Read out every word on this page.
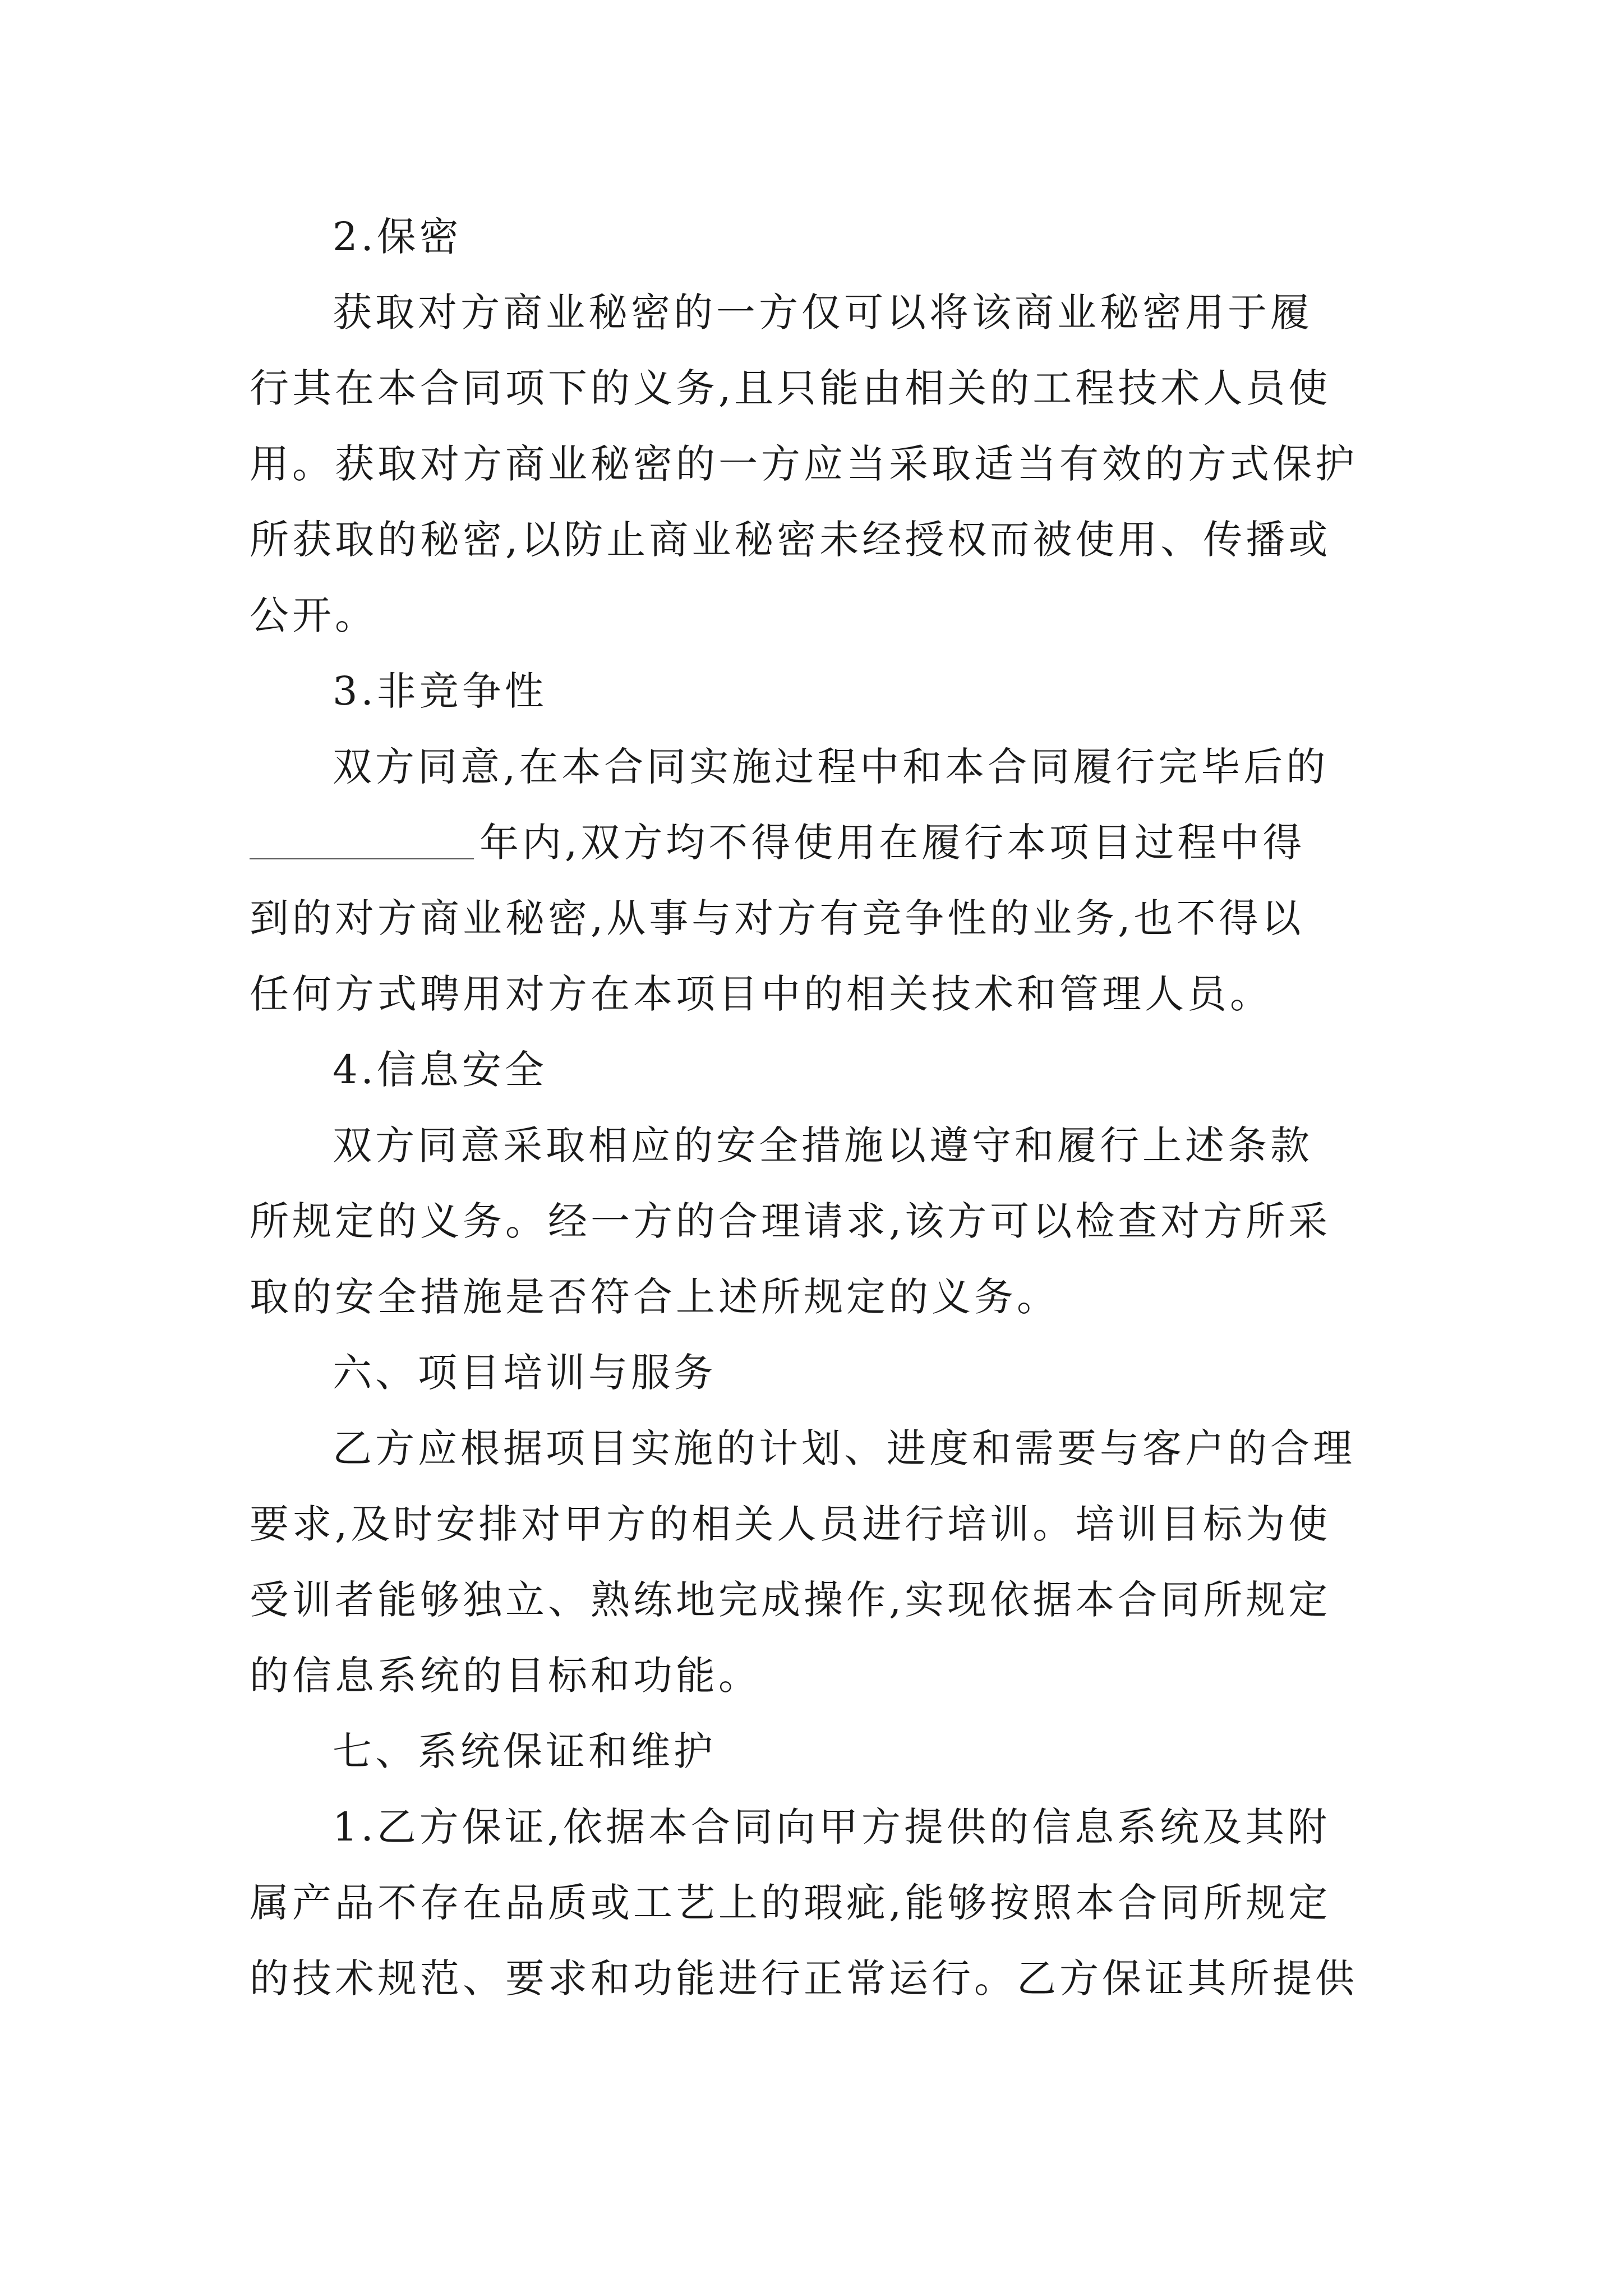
2.保密
获取对方商业秘密的一方仅可以将该商业秘密用于履
行其在本合同项下的义务,且只能由相关的工程技术人员使
用。获取对方商业秘密的一方应当采取适当有效的方式保护
所获取的秘密,以防止商业秘密未经授权而被使用、传播或
公开。
3.非竞争性
双方同意,在本合同实施过程中和本合同履行完毕后的
年内,双方均不得使用在履行本项目过程中得
到的对方商业秘密,从事与对方有竞争性的业务,也不得以
任何方式聘用对方在本项目中的相关技术和管理人员。
4.信息安全
双方同意采取相应的安全措施以遵守和履行上述条款
所规定的义务。经一方的合理请求,该方可以检查对方所采
取的安全措施是否符合上述所规定的义务。
六、项目培训与服务
乙方应根据项目实施的计划、进度和需要与客户的合理
要求,及时安排对甲方的相关人员进行培训。培训目标为使
受训者能够独立、熟练地完成操作,实现依据本合同所规定
的信息系统的目标和功能。
七、系统保证和维护
1.乙方保证,依据本合同向甲方提供的信息系统及其附
属产品不存在品质或工艺上的瑕疵,能够按照本合同所规定
的技术规范、要求和功能进行正常运行。乙方保证其所提供
